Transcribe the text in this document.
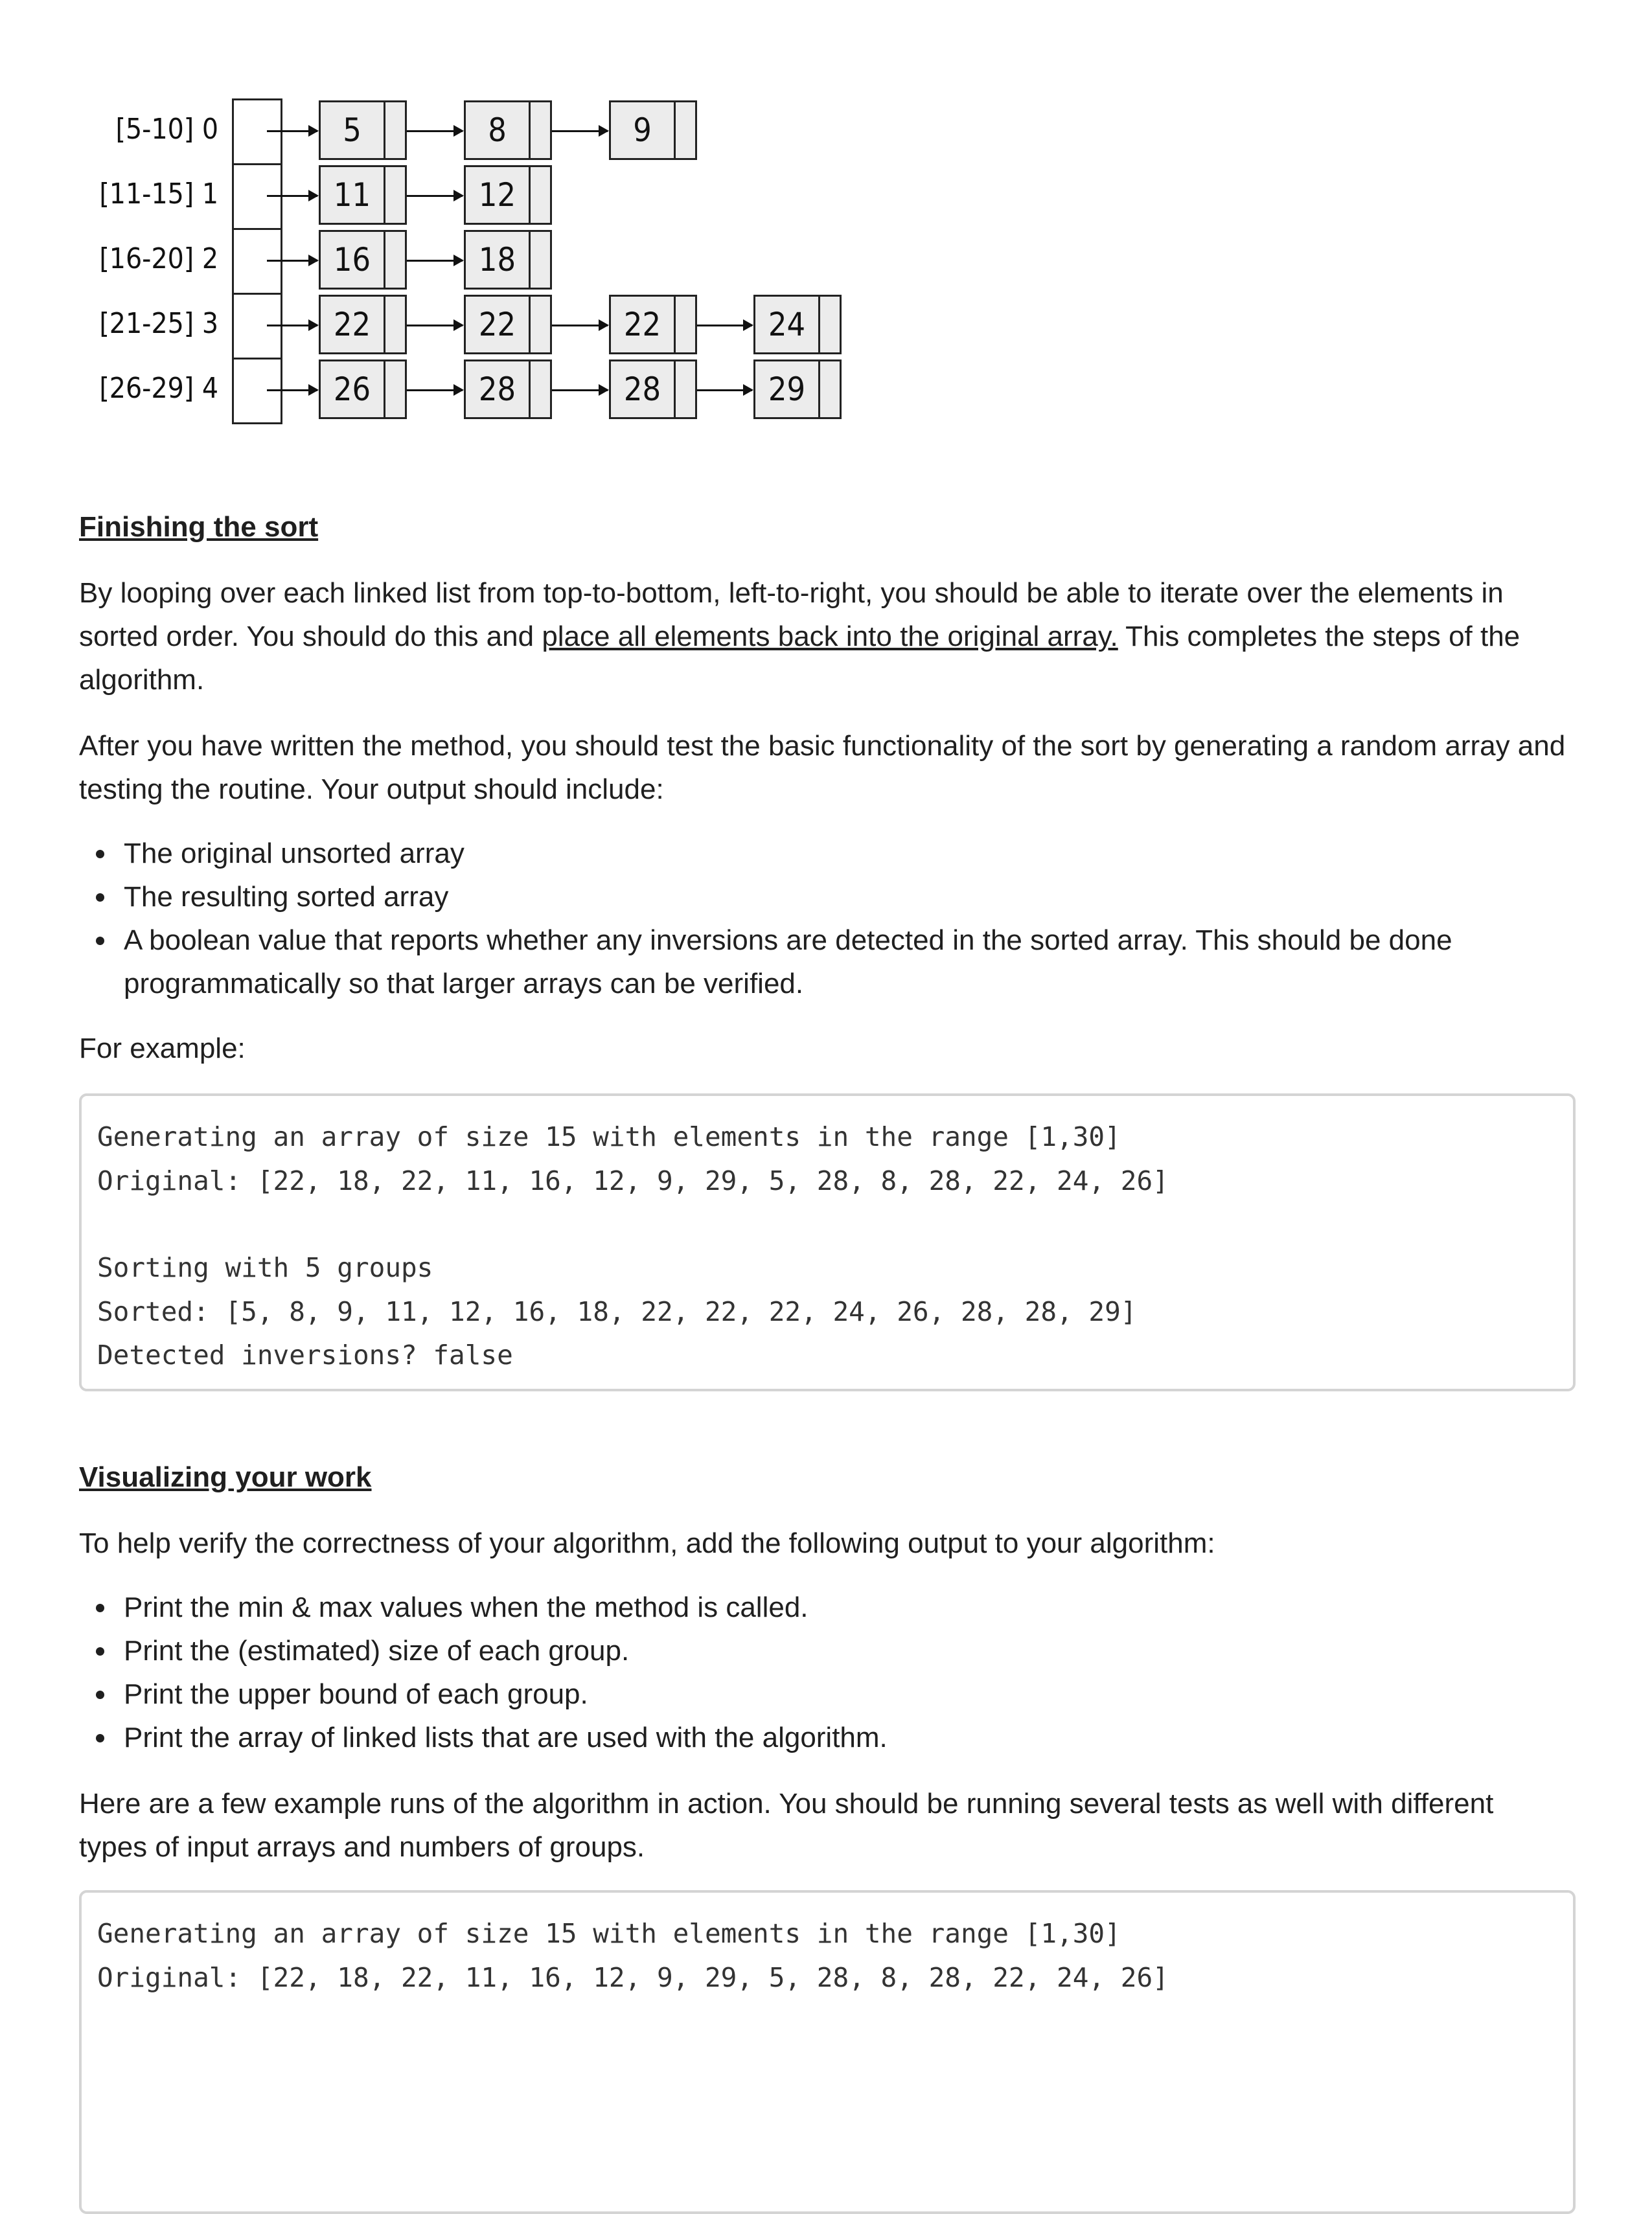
[5-10] 0	5	8	9
[11-15] 1	11	12
[16-20] 2	16	18
[21-25] 3	22	22	22	24
[26-29] 4	26	28	28	29
Finishing the sort

By looping over each linked list from top-to-bottom, left-to-right, you should be able to iterate over the elements in sorted order. You should do this and place all elements back into the original array. This completes the steps of the algorithm.

After you have written the method, you should test the basic functionality of the sort by generating a random array and testing the routine. Your output should include:

The original unsorted array
The resulting sorted array
A boolean value that reports whether any inversions are detected in the sorted array. This should be done programmatically so that larger arrays can be verified.

For example:

Generating an array of size 15 with elements in the range [1,30]
Original: [22, 18, 22, 11, 16, 12, 9, 29, 5, 28, 8, 28, 22, 24, 26]
Sorting with 5 groups
Sorted: [5, 8, 9, 11, 12, 16, 18, 22, 22, 22, 24, 26, 28, 28, 29]
Detected inversions? false
Visualizing your work

To help verify the correctness of your algorithm, add the following output to your algorithm:

Print the min & max values when the method is called.
Print the (estimated) size of each group.
Print the upper bound of each group.
Print the array of linked lists that are used with the algorithm.

Here are a few example runs of the algorithm in action. You should be running several tests as well with different types of input arrays and numbers of groups.

Generating an array of size 15 with elements in the range [1,30]
Original: [22, 18, 22, 11, 16, 12, 9, 29, 5, 28, 8, 28, 22, 24, 26]
